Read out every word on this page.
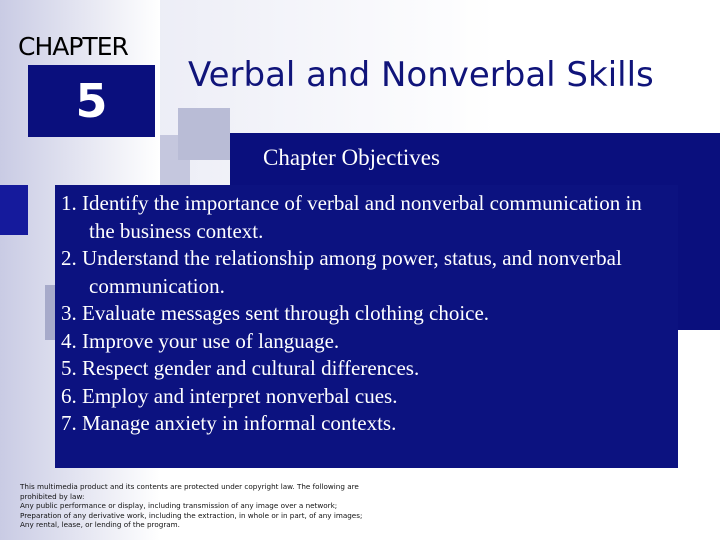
CHAPTER
5 Verbal and Nonverbal Skills
Chapter Objectives
1. Identify the importance of verbal and nonverbal communication in the business context.
2. Understand the relationship among power, status, and nonverbal communication.
3. Evaluate messages sent through clothing choice.
4. Improve your use of language.
5. Respect gender and cultural differences.
6. Employ and interpret nonverbal cues.
7. Manage anxiety in informal contexts.
This multimedia product and its contents are protected under copyright law. The following are
prohibited by law:
Any public performance or display, including transmission of any image over a network;
Preparation of any derivative work, including the extraction, in whole or in part, of any images;
Any rental, lease, or lending of the program.
